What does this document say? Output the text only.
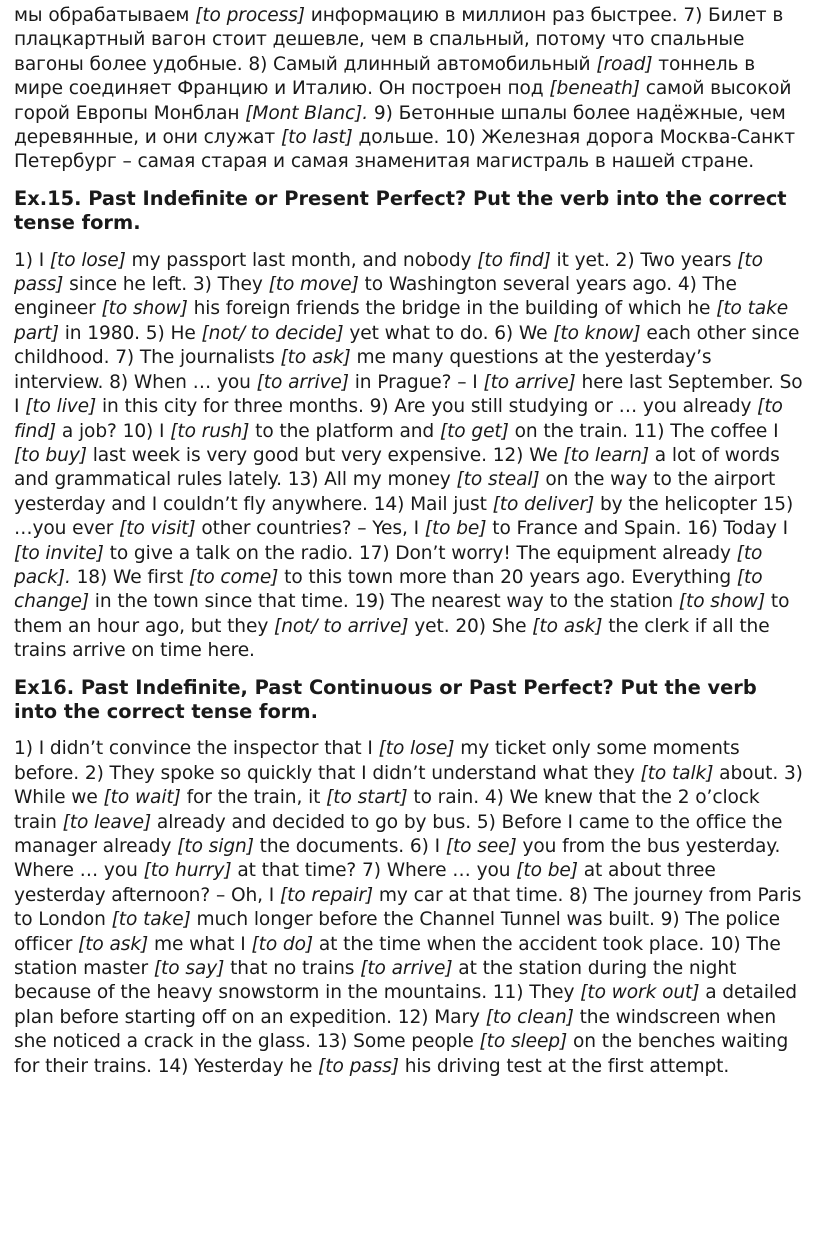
мы обрабатываем [to process] информацию в миллион раз быстрее. 7) Билет в плацкартный вагон стоит дешевле, чем в спальный, потому что спальные вагоны более удобные. 8) Самый длинный автомобильный [road] тоннель в мире соединяет Францию и Италию. Он построен под [beneath] самой высокой горой Европы Монблан [Mont Blanc]. 9) Бетонные шпалы более надёжные, чем деревянные, и они служат [to last] дольше. 10) Железная дорога Москва-Санкт Петербург – самая старая и самая знаменитая магистраль в нашей стране.

Ex.15. Past Indefinite or Present Perfect? Put the verb into the correct tense form.

1) I [to lose] my passport last month, and nobody [to find] it yet. 2) Two years [to pass] since he left. 3) They [to move] to Washington several years ago. 4) The engineer [to show] his foreign friends the bridge in the building of which he [to take part] in 1980. 5) He [not/ to decide] yet what to do. 6) We [to know] each other since childhood. 7) The journalists [to ask] me many questions at the yesterday’s interview. 8) When … you [to arrive] in Prague? – I [to arrive] here last September. So I [to live] in this city for three months. 9) Are you still studying or … you already [to find] a job? 10) I [to rush] to the platform and [to get] on the train. 11) The coffee I [to buy] last week is very good but very expensive. 12) We [to learn] a lot of words and grammatical rules lately. 13) All my money [to steal] on the way to the airport yesterday and I couldn’t fly anywhere. 14) Mail just [to deliver] by the helicopter 15) …you ever [to visit] other countries? – Yes, I [to be] to France and Spain. 16) Today I [to invite] to give a talk on the radio. 17) Don’t worry! The equipment already [to pack]. 18) We first [to come] to this town more than 20 years ago. Everything [to change] in the town since that time. 19) The nearest way to the station [to show] to them an hour ago, but they [not/ to arrive] yet. 20) She [to ask] the clerk if all the trains arrive on time here.

Ex16. Past Indefinite, Past Continuous or Past Perfect? Put the verb into the correct tense form.

1) I didn’t convince the inspector that I [to lose] my ticket only some moments before. 2) They spoke so quickly that I didn’t understand what they [to talk] about. 3) While we [to wait] for the train, it [to start] to rain. 4) We knew that the 2 o’clock train [to leave] already and decided to go by bus. 5) Before I came to the office the manager already [to sign] the documents. 6) I [to see] you from the bus yesterday. Where … you [to hurry] at that time? 7) Where … you [to be] at about three yesterday afternoon? – Oh, I [to repair] my car at that time. 8) The journey from Paris to London [to take] much longer before the Channel Tunnel was built. 9) The police officer [to ask] me what I [to do] at the time when the accident took place. 10) The station master [to say] that no trains [to arrive] at the station during the night because of the heavy snowstorm in the mountains. 11) They [to work out] a detailed plan before starting off on an expedition. 12) Mary [to clean] the windscreen when she noticed a crack in the glass. 13) Some people [to sleep] on the benches waiting for their trains. 14) Yesterday he [to pass] his driving test at the first attempt.
